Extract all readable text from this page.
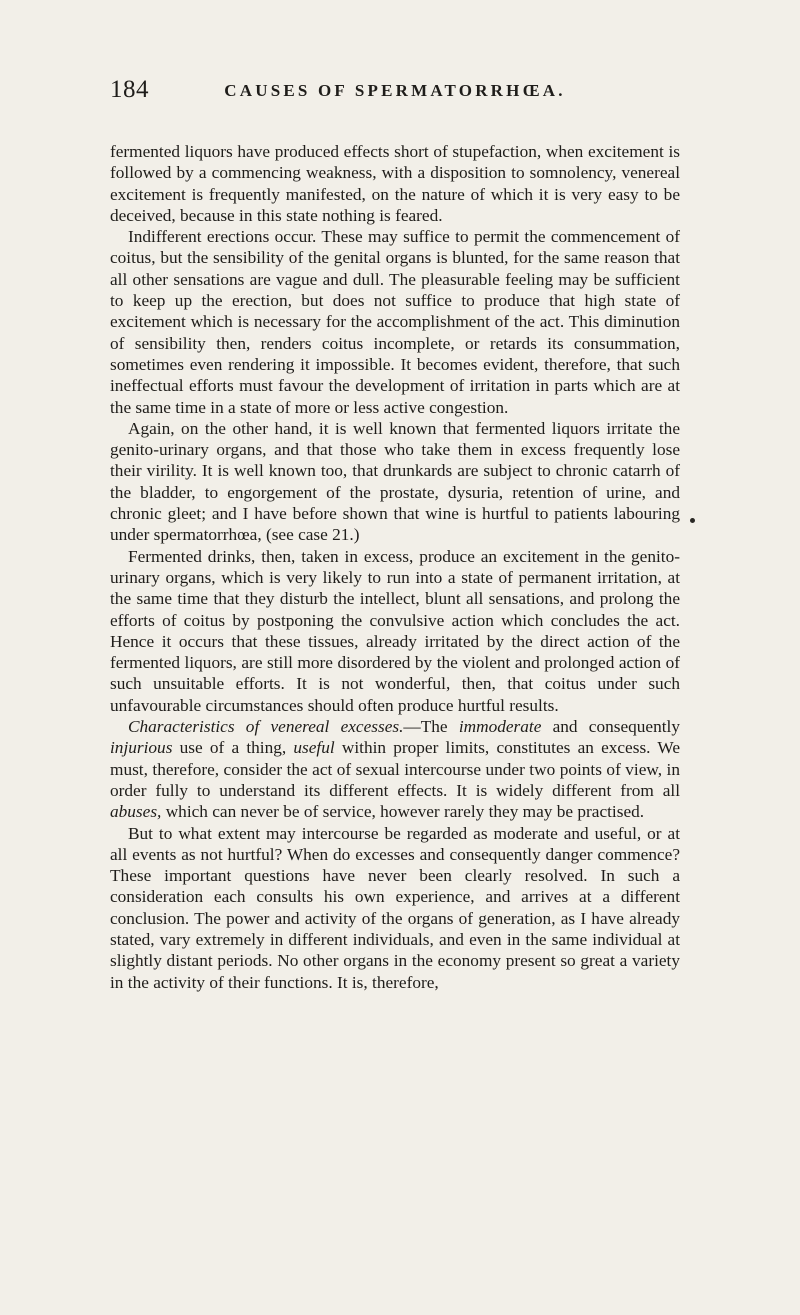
184	CAUSES OF SPERMATORRHŒA.

fermented liquors have produced effects short of stupefaction, when excitement is followed by a commencing weakness, with a disposition to somnolency, venereal excitement is frequently manifested, on the nature of which it is very easy to be deceived, because in this state nothing is feared.

Indifferent erections occur. These may suffice to permit the commencement of coitus, but the sensibility of the genital organs is blunted, for the same reason that all other sensations are vague and dull. The pleasurable feeling may be sufficient to keep up the erection, but does not suffice to produce that high state of excitement which is necessary for the accomplishment of the act. This diminution of sensibility then, renders coitus incomplete, or retards its consummation, sometimes even rendering it impossible. It becomes evident, therefore, that such ineffectual efforts must favour the development of irritation in parts which are at the same time in a state of more or less active congestion.

Again, on the other hand, it is well known that fermented liquors irritate the genito-urinary organs, and that those who take them in excess frequently lose their virility. It is well known too, that drunkards are subject to chronic catarrh of the bladder, to engorgement of the prostate, dysuria, retention of urine, and chronic gleet; and I have before shown that wine is hurtful to patients labouring under spermatorrhœa, (see case 21.)

Fermented drinks, then, taken in excess, produce an excitement in the genito-urinary organs, which is very likely to run into a state of permanent irritation, at the same time that they disturb the intellect, blunt all sensations, and prolong the efforts of coitus by postponing the convulsive action which concludes the act. Hence it occurs that these tissues, already irritated by the direct action of the fermented liquors, are still more disordered by the violent and prolonged action of such unsuitable efforts. It is not wonderful, then, that coitus under such unfavourable circumstances should often produce hurtful results.

Characteristics of venereal excesses.—The immoderate and consequently injurious use of a thing, useful within proper limits, constitutes an excess. We must, therefore, consider the act of sexual intercourse under two points of view, in order fully to understand its different effects. It is widely different from all abuses, which can never be of service, however rarely they may be practised.

But to what extent may intercourse be regarded as moderate and useful, or at all events as not hurtful? When do excesses and consequently danger commence? These important questions have never been clearly resolved. In such a consideration each consults his own experience, and arrives at a different conclusion. The power and activity of the organs of generation, as I have already stated, vary extremely in different individuals, and even in the same individual at slightly distant periods. No other organs in the economy present so great a variety in the activity of their functions. It is, therefore,
